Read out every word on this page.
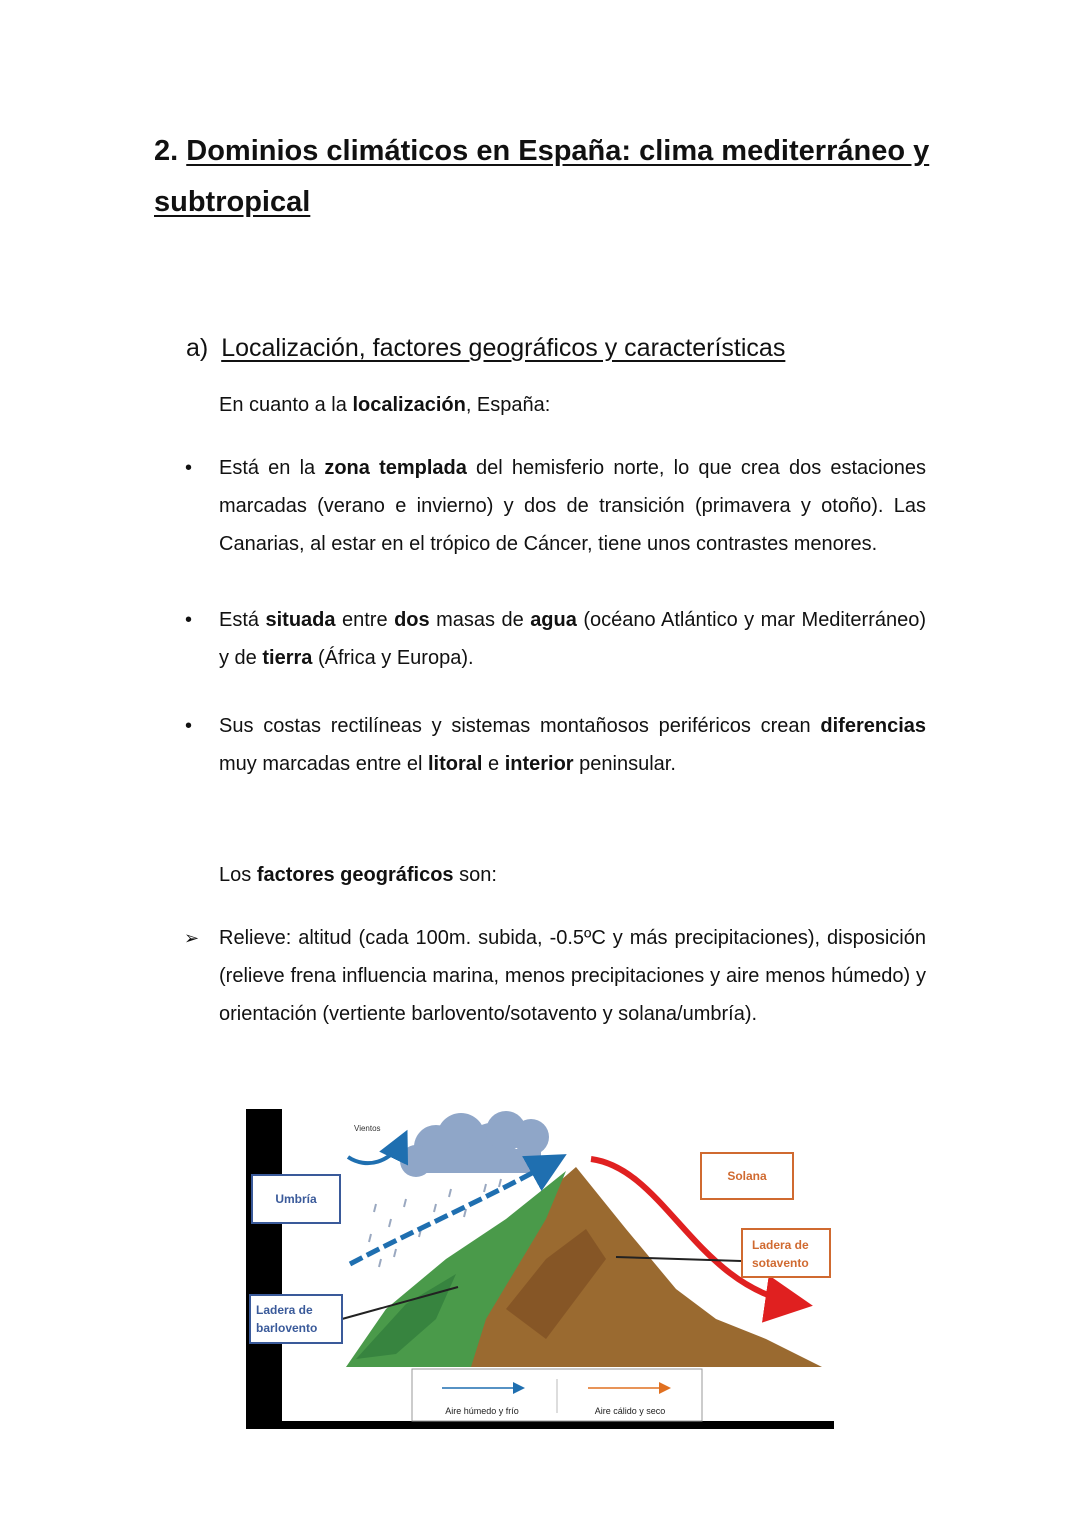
2. Dominios climáticos en España: clima mediterráneo y subtropical
a) Localización, factores geográficos y características
En cuanto a la localización, España:
•	Está en la zona templada del hemisferio norte, lo que crea dos estaciones marcadas (verano e invierno) y dos de transición (primavera y otoño). Las Canarias, al estar en el trópico de Cáncer, tiene unos contrastes menores.
•	Está situada entre dos masas de agua (océano Atlántico y mar Mediterráneo) y de tierra (África y Europa).
•	Sus costas rectilíneas y sistemas montañosos periféricos crean diferencias muy marcadas entre el litoral e interior peninsular.
Los factores geográficos son:
➢ Relieve: altitud (cada 100m. subida, -0.5ºC y más precipitaciones), disposición (relieve frena influencia marina, menos precipitaciones y aire menos húmedo) y orientación (vertiente barlovento/sotavento y solana/umbría).
Vientos
Umbría
Solana
Ladera de
barlovento
Ladera de
sotavento
Aire húmedo y frío	Aire cálido y seco
